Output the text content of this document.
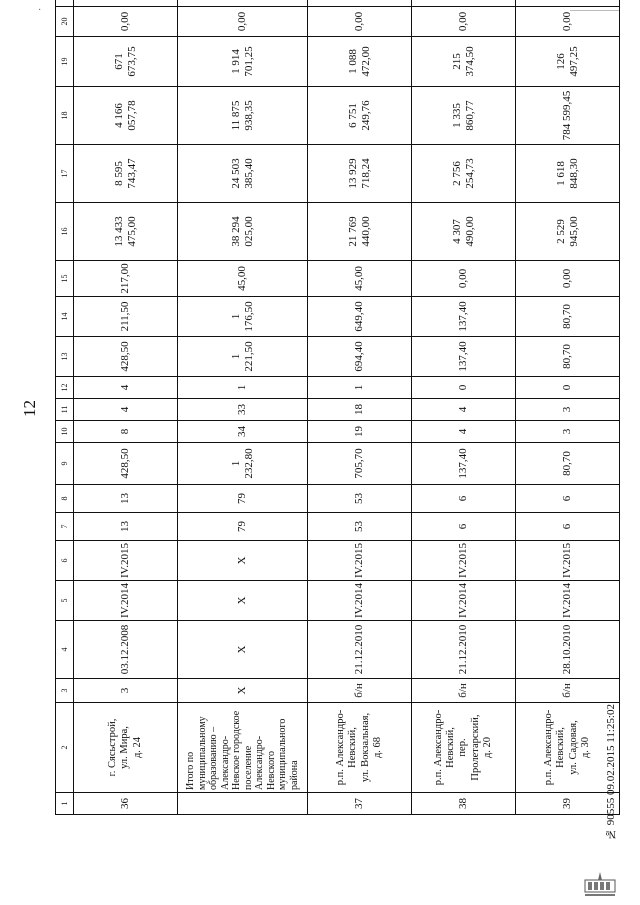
·
12
1	2	3	4	5	6	7	8	9	10	11	12	13	14	15	16	17	18	19	20	
36	г. Сясьстрой,
ул. Мира,
д. 24	3	03.12.2008	IV.2014	IV.2015	13	13	428,50	8	4	4	428,50	211,50	217,00	13 433 475,00	8 595 743,47	4 166 057,78	671 673,75	0,00	
	Итого по муниципальному образованию – Александро-Невское городское поселение Александро-Невского муниципального района	X	X	X	X	79	79	1 232,80	34	33	1	1 221,50	1 176,50	45,00	38 294 025,00	24 503 385,40	11 875 938,35	1 914 701,25	0,00	
37	р.п. Александро-Невский,
ул. Вокзальная,
д. 68	б/н	21.12.2010	IV.2014	IV.2015	53	53	705,70	19	18	1	694,40	649,40	45,00	21 769 440,00	13 929 718,24	6 751 249,76	1 088 472,00	0,00	
38	р.п. Александро-Невский,
пер. Пролетарский,
д. 20	б/н	21.12.2010	IV.2014	IV.2015	6	6	137,40	4	4	0	137,40	137,40	0,00	4 307 490,00	2 756 254,73	1 335 860,77	215 374,50	0,00	
39	р.п. Александро-Невский,
ул. Садовая,
д. 30	б/н	28.10.2010	IV.2014	IV.2015	6	6	80,70	3	3	0	80,70	80,70	0,00	2 529 945,00	1 618 848,30	784 599,45	126 497,25	0,00	
№ 90555 09.02.2015 11:25:02
